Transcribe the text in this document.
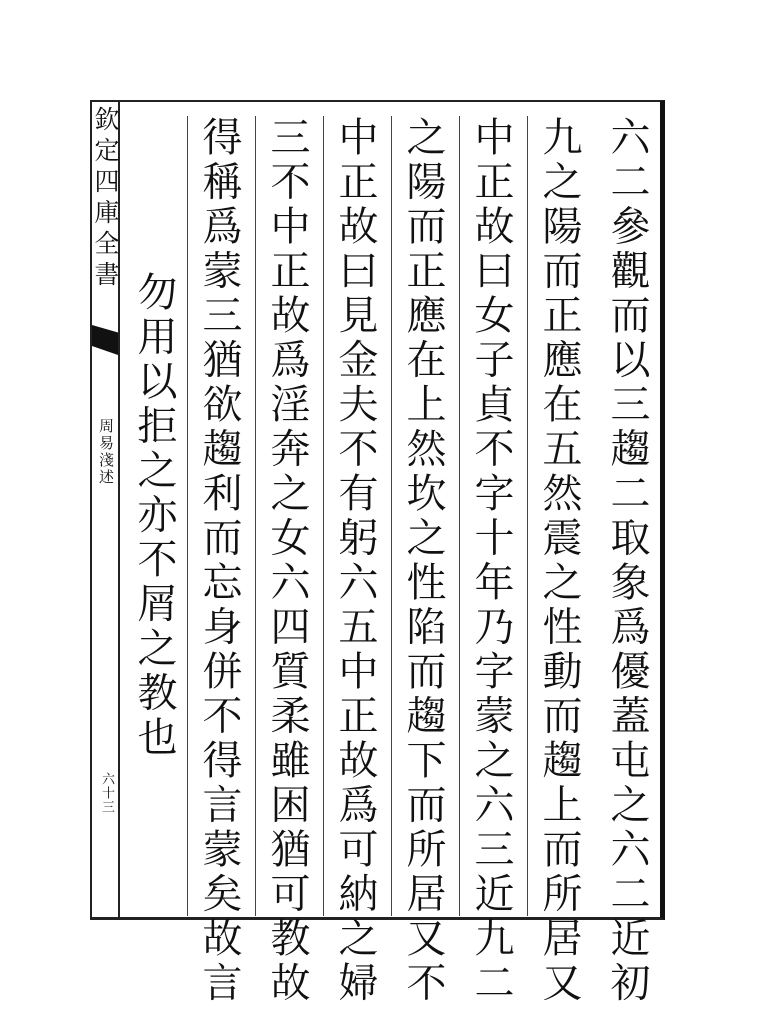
欽定四庫全書
周易淺述
六十三	六二參觀而以三趨二取象爲優蓋屯之六二近初
九之陽而正應在五然震之性動而趨上而所居又
中正故曰女子貞不字十年乃字蒙之六三近九二
之陽而正應在上然坎之性陷而趨下而所居又不
中正故曰見金夫不有躬六五中正故爲可納之婦
三不中正故爲淫奔之女六四質柔雖困猶可教故
得稱爲蒙三猶欲趨利而忘身併不得言蒙矣故言
勿用以拒之亦不屑之教也
